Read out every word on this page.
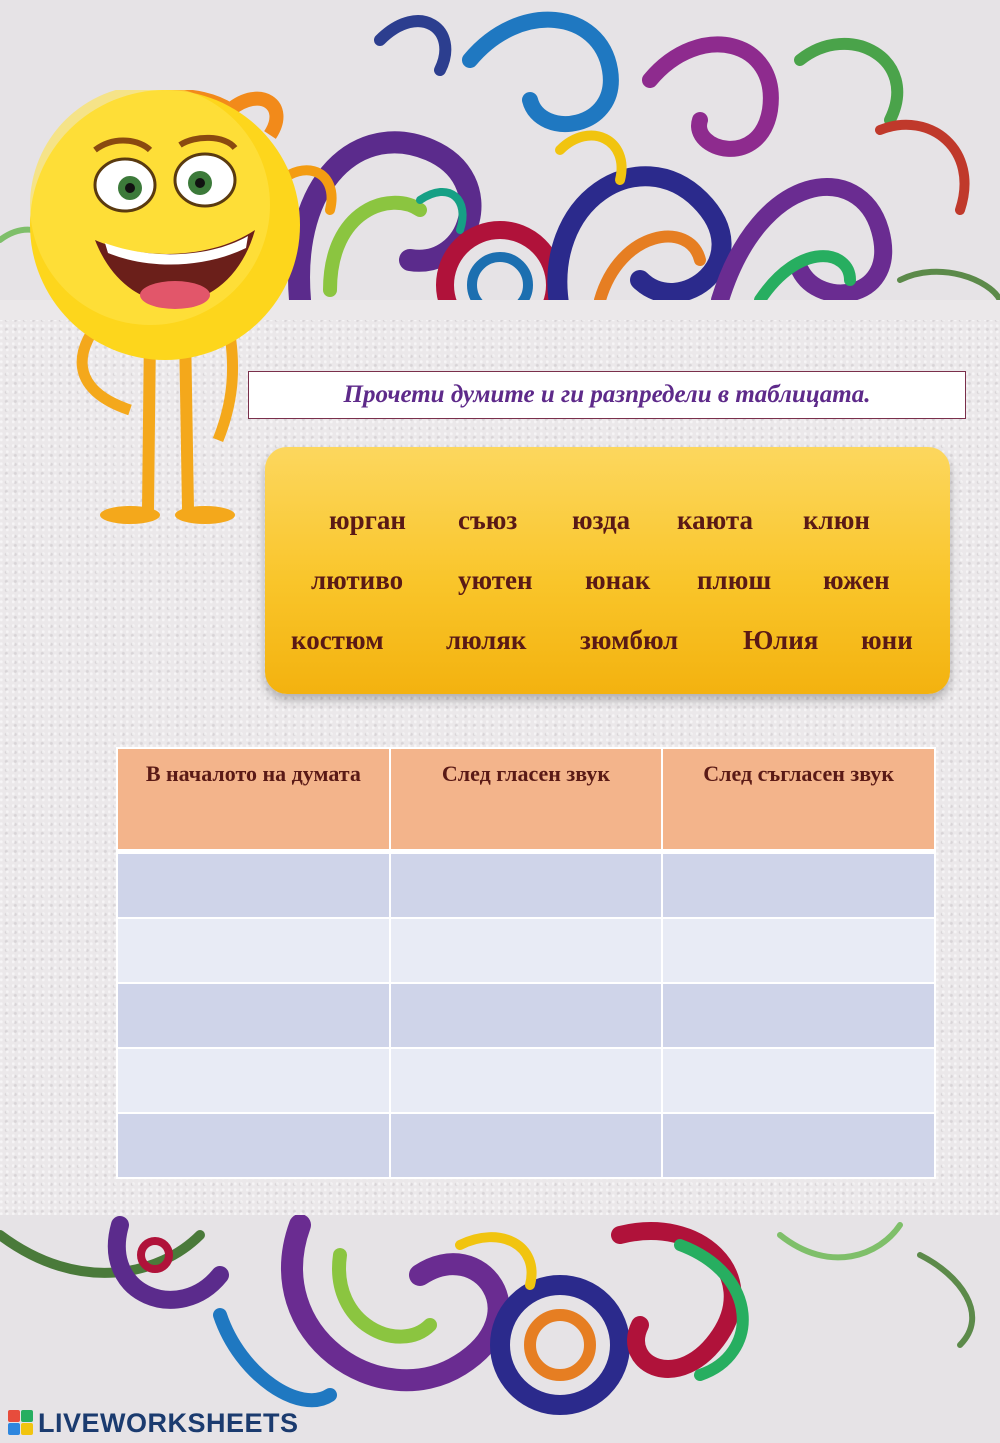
Прочети думите и ги разпредели в таблицата.
юрган съюз юзда каюта клюн
лютиво уютен юнак плюш южен
костюм люляк зюмбюл Юлия юни
В началото на думата	След гласен звук	След съгласен звук

LIVEWORKSHEETS
